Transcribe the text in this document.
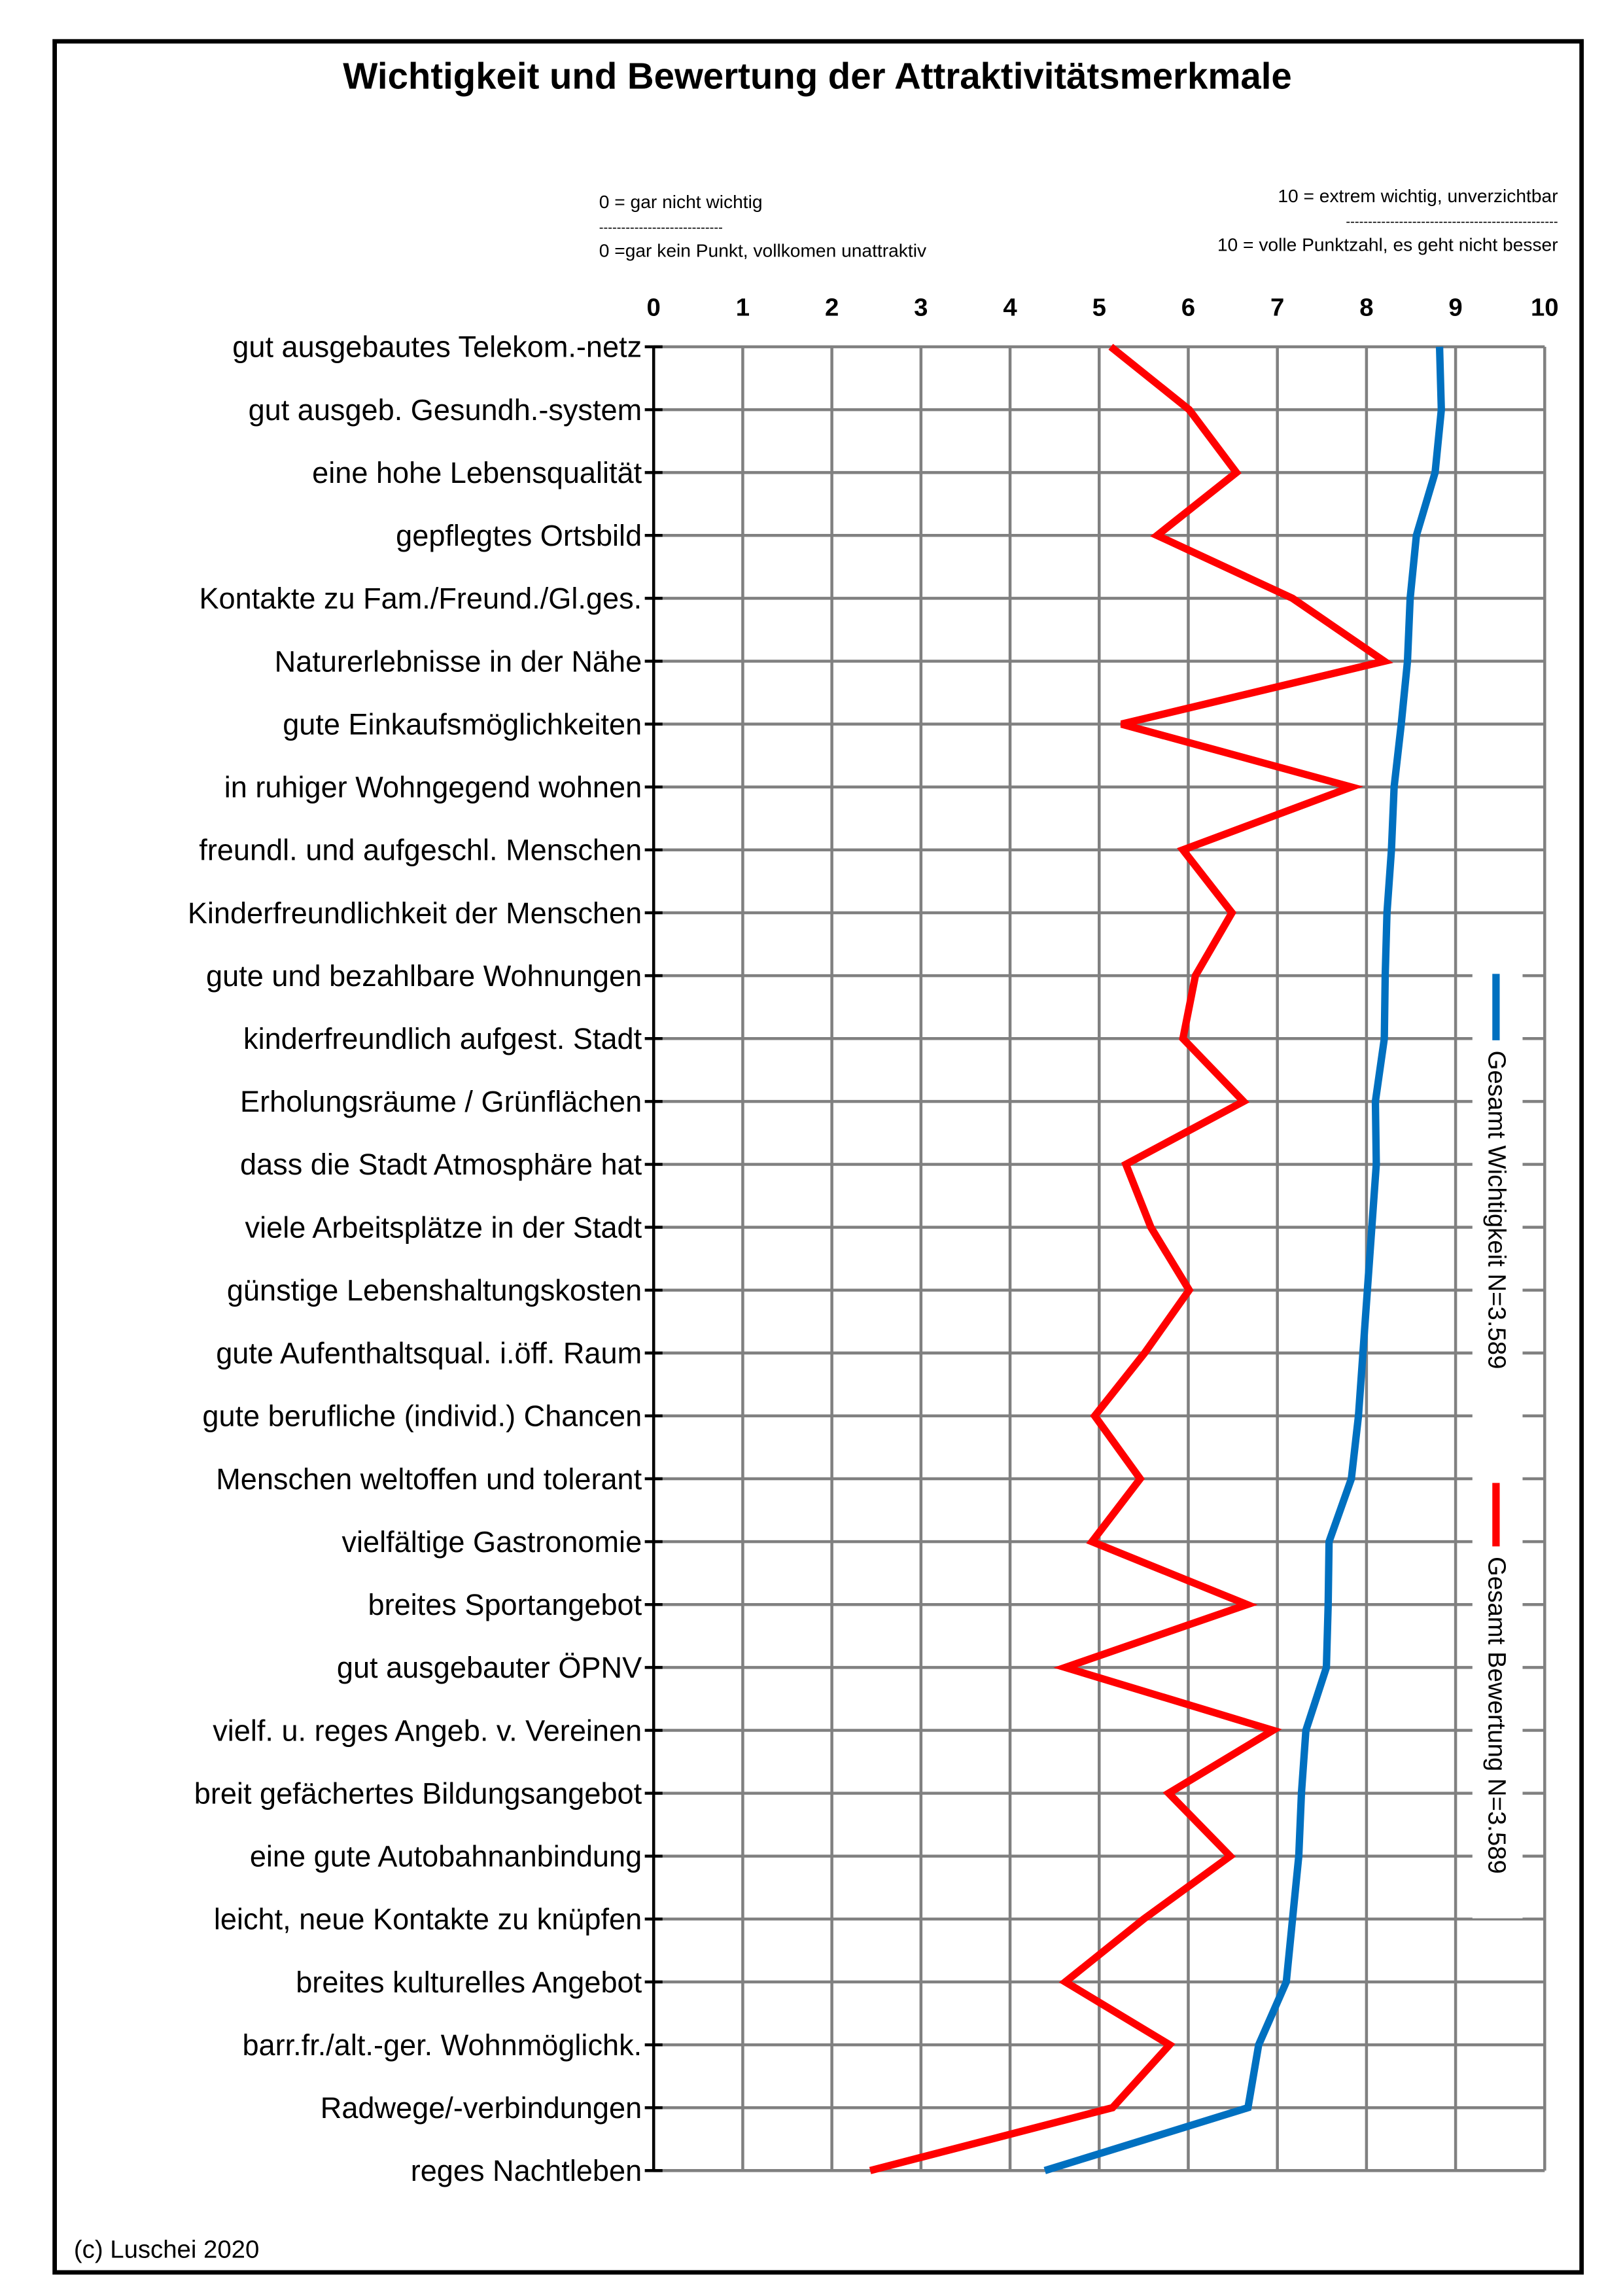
Wichtigkeit und Bewertung der Attraktivitätsmerkmale
0 = gar nicht wichtig
----------------------------
0 =gar kein Punkt, vollkomen unattraktiv
10 = extrem wichtig, unverzichtbar
------------------------------------------------
10 = volle Punktzahl, es geht nicht besser
0	1	2	3	4	5	6	7	8	9	10
gut ausgebautes Telekom.-netz
gut ausgeb. Gesundh.-system
eine hohe Lebensqualität
gepflegtes Ortsbild
Kontakte zu Fam./Freund./Gl.ges.
Naturerlebnisse in der Nähe
gute Einkaufsmöglichkeiten
in ruhiger Wohngegend wohnen
freundl. und aufgeschl. Menschen
Kinderfreundlichkeit der Menschen
gute und bezahlbare Wohnungen
kinderfreundlich aufgest. Stadt
Erholungsräume / Grünflächen
dass die Stadt Atmosphäre hat
viele Arbeitsplätze in der Stadt
günstige Lebenshaltungskosten
gute Aufenthaltsqual. i.öff. Raum
gute berufliche (individ.) Chancen
Menschen weltoffen und tolerant
vielfältige Gastronomie
breites Sportangebot
gut ausgebauter ÖPNV
vielf. u. reges Angeb. v. Vereinen
breit gefächertes Bildungsangebot
eine gute Autobahnanbindung
leicht, neue Kontakte zu knüpfen
breites kulturelles Angebot
barr.fr./alt.-ger. Wohnmöglichk.
Radwege/-verbindungen
reges Nachtleben
Gesamt Wichtigkeit N=3.589
Gesamt Bewertung N=3.589
(c) Luschei 2020
